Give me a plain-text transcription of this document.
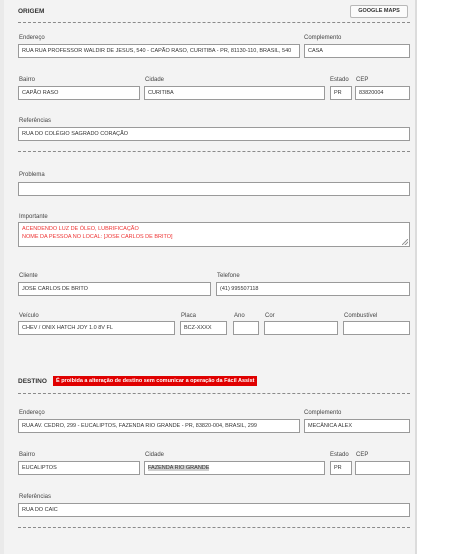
ORIGEM	GOOGLE MAPS
Endereço
RUA RUA PROFESSOR WALDIR DE JESUS, 540 - CAPÃO RASO, CURITIBA - PR, 81130-110, BRASIL, 540
Complemento
CASA
Bairro
CAPÃO RASO
Cidade
CURITIBA
Estado
PR
CEP
83820004
Referências
RUA DO COLÉGIO SAGRADO CORAÇÃO
Problema
Importante
ACENDENDO LUZ DE ÓLEO, LUBRIFICAÇÃO
NOME DA PESSOA NO LOCAL: [JOSE CARLOS DE BRITO]
Cliente
JOSE CARLOS DE BRITO
Telefone
(41) 995507118
Veículo
CHEV / ONIX HATCH JOY 1.0 8V FL
Placa
BCZ-XXXX
Ano	Cor	Combustível
DESTINO	É proibida a alteração de destino sem comunicar a operação da Fácil Assist
Endereço
RUA AV. CEDRO, 299 - EUCALIPTOS, FAZENDA RIO GRANDE - PR, 83820-004, BRASIL, 299
Complemento
MECÂNICA ALEX
Bairro
EUCALIPTOS
Cidade
FAZENDA RIO GRANDE
Estado
PR
CEP
Referências
RUA DO CAIC
